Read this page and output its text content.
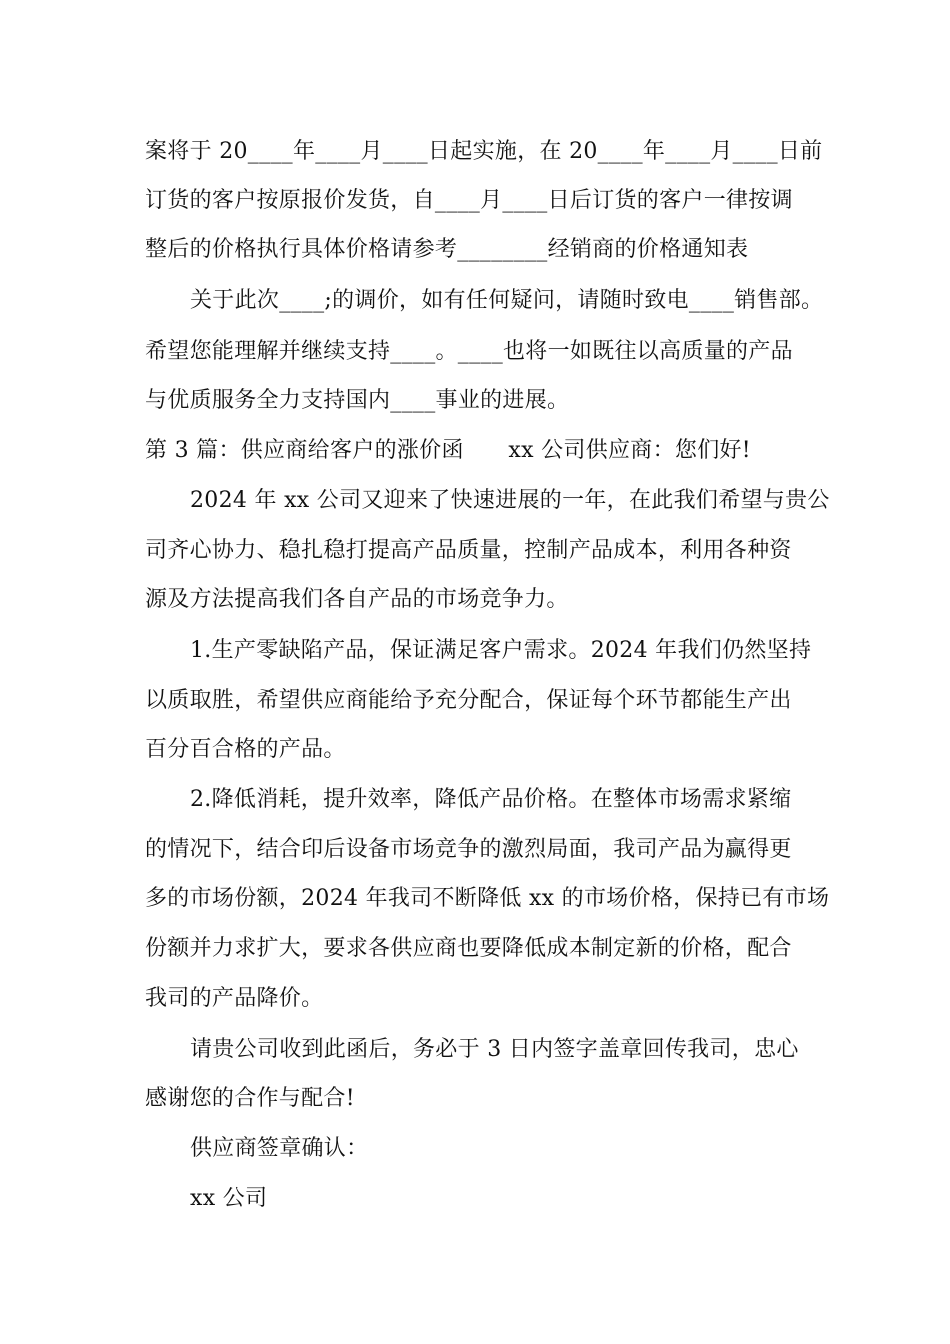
案将于 20____年____月____日起实施，在 20____年____月____日前
订货的客户按原报价发货，自____月____日后订货的客户一律按调
整后的价格执行具体价格请参考________经销商的价格通知表
关于此次____;的调价，如有任何疑问，请随时致电____销售部。
希望您能理解并继续支持____。____也将一如既往以高质量的产品
与优质服务全力支持国内____事业的进展。
第 3 篇：供应商给客户的涨价函　　xx 公司供应商：您们好!
2024 年 xx 公司又迎来了快速进展的一年，在此我们希望与贵公
司齐心协力、稳扎稳打提高产品质量，控制产品成本，利用各种资
源及方法提高我们各自产品的市场竞争力。
1.生产零缺陷产品，保证满足客户需求。2024 年我们仍然坚持
以质取胜，希望供应商能给予充分配合，保证每个环节都能生产出
百分百合格的产品。
2.降低消耗，提升效率，降低产品价格。在整体市场需求紧缩
的情况下，结合印后设备市场竞争的激烈局面，我司产品为赢得更
多的市场份额，2024 年我司不断降低 xx 的市场价格，保持已有市场
份额并力求扩大，要求各供应商也要降低成本制定新的价格，配合
我司的产品降价。
请贵公司收到此函后，务必于 3 日内签字盖章回传我司，忠心
感谢您的合作与配合!
供应商签章确认：
xx 公司
